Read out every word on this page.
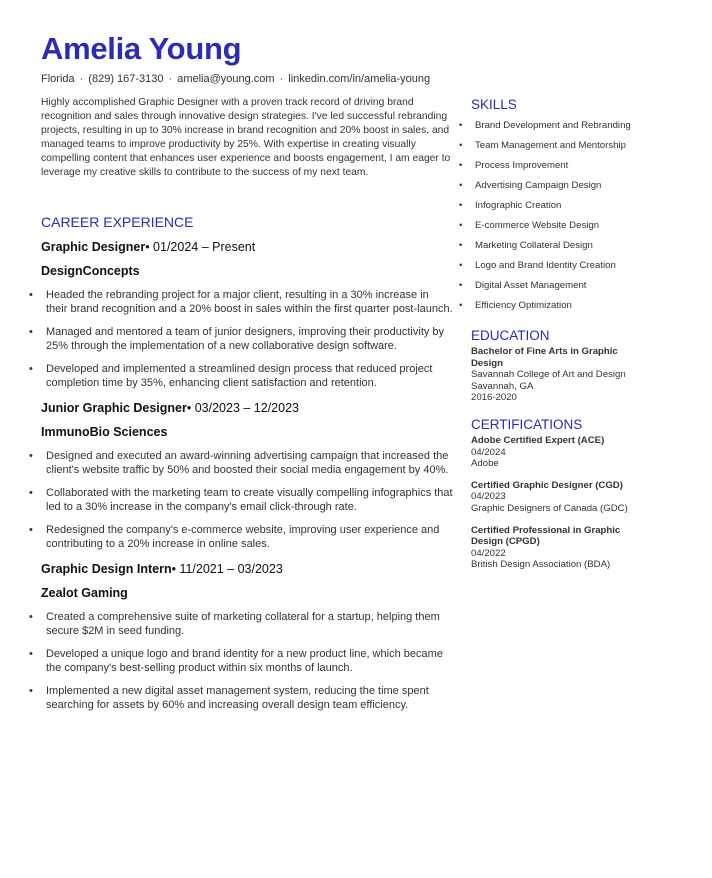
Amelia Young
Florida · (829) 167-3130 · amelia@young.com · linkedin.com/in/amelia-young

Highly accomplished Graphic Designer with a proven track record of driving brand recognition and sales through innovative design strategies. I've led successful rebranding projects, resulting in up to 30% increase in brand recognition and 20% boost in sales, and managed teams to improve productivity by 25%. With expertise in creating visually compelling content that enhances user experience and boosts engagement, I am eager to leverage my creative skills to contribute to the success of my next team.

CAREER EXPERIENCE
Graphic Designer• 01/2024 – Present
DesignConcepts
• Headed the rebranding project for a major client, resulting in a 30% increase in their brand recognition and a 20% boost in sales within the first quarter post-launch.
• Managed and mentored a team of junior designers, improving their productivity by 25% through the implementation of a new collaborative design software.
• Developed and implemented a streamlined design process that reduced project completion time by 35%, enhancing client satisfaction and retention.
Junior Graphic Designer• 03/2023 – 12/2023
ImmunoBio Sciences
• Designed and executed an award-winning advertising campaign that increased the client's website traffic by 50% and boosted their social media engagement by 40%.
• Collaborated with the marketing team to create visually compelling infographics that led to a 30% increase in the company's email click-through rate.
• Redesigned the company's e-commerce website, improving user experience and contributing to a 20% increase in online sales.
Graphic Design Intern• 11/2021 – 03/2023
Zealot Gaming
• Created a comprehensive suite of marketing collateral for a startup, helping them secure $2M in seed funding.
• Developed a unique logo and brand identity for a new product line, which became the company's best-selling product within six months of launch.
• Implemented a new digital asset management system, reducing the time spent searching for assets by 60% and increasing overall design team efficiency.
SKILLS
• Brand Development and Rebranding
• Team Management and Mentorship
• Process Improvement
• Advertising Campaign Design
• Infographic Creation
• E-commerce Website Design
• Marketing Collateral Design
• Logo and Brand Identity Creation
• Digital Asset Management
• Efficiency Optimization
EDUCATION
Bachelor of Fine Arts in Graphic Design
Savannah College of Art and Design
Savannah, GA
2016-2020
CERTIFICATIONS
Adobe Certified Expert (ACE)
04/2024
Adobe
Certified Graphic Designer (CGD)
04/2023
Graphic Designers of Canada (GDC)
Certified Professional in Graphic Design (CPGD)
04/2022
British Design Association (BDA)
